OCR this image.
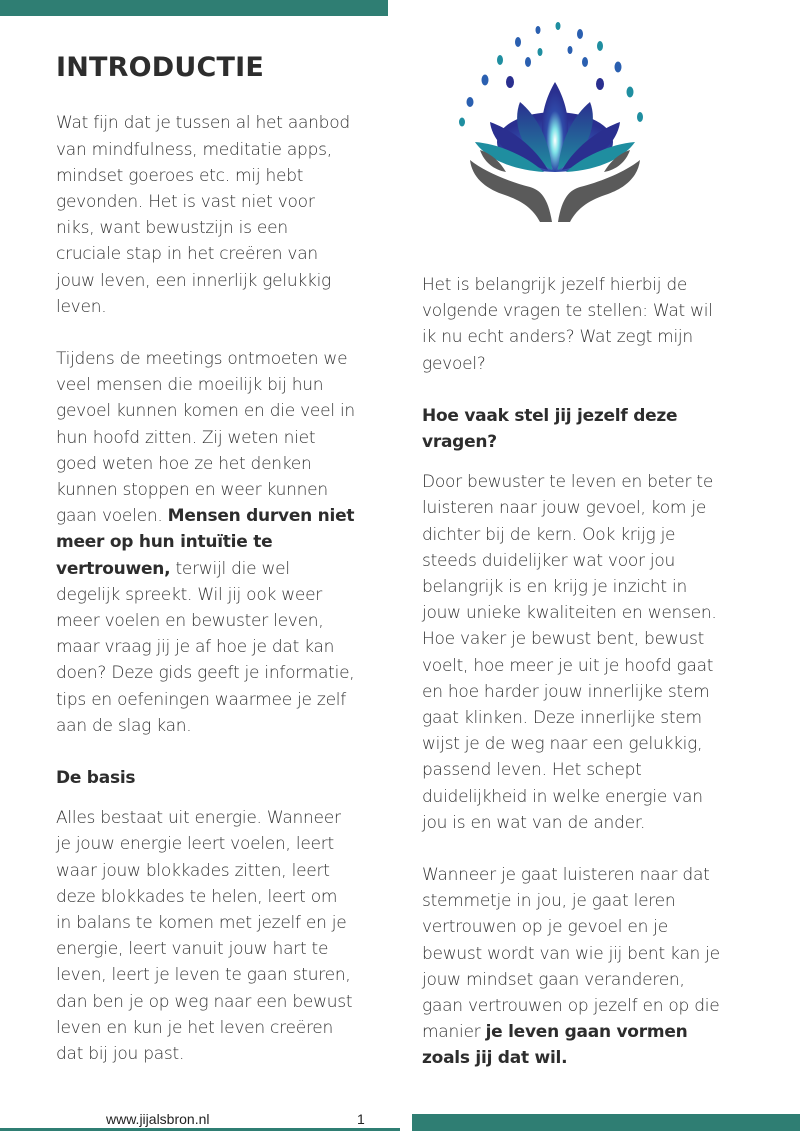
INTRODUCTIE

Wat fijn dat je tussen al het aanbod van mindfulness, meditatie apps, mindset goeroes etc. mij hebt gevonden. Het is vast niet voor niks, want bewustzijn is een cruciale stap in het creëren van jouw leven, een innerlijk gelukkig leven.

Tijdens de meetings ontmoeten we veel mensen die moeilijk bij hun gevoel kunnen komen en die veel in hun hoofd zitten. Zij weten niet goed weten hoe ze het denken kunnen stoppen en weer kunnen gaan voelen. Mensen durven niet meer op hun intuïtie te vertrouwen, terwijl die wel degelijk spreekt. Wil jij ook weer meer voelen en bewuster leven, maar vraag jij je af hoe je dat kan doen? Deze gids geeft je informatie, tips en oefeningen waarmee je zelf aan de slag kan.

De basis

Alles bestaat uit energie. Wanneer je jouw energie leert voelen, leert waar jouw blokkades zitten, leert deze blokkades te helen, leert om in balans te komen met jezelf en je energie, leert vanuit jouw hart te leven, leert je leven te gaan sturen, dan ben je op weg naar een bewust leven en kun je het leven creëren dat bij jou past.

Het is belangrijk jezelf hierbij de volgende vragen te stellen: Wat wil ik nu echt anders? Wat zegt mijn gevoel?

Hoe vaak stel jij jezelf deze vragen?

Door bewuster te leven en beter te luisteren naar jouw gevoel, kom je dichter bij de kern. Ook krijg je steeds duidelijker wat voor jou belangrijk is en krijg je inzicht in jouw unieke kwaliteiten en wensen. Hoe vaker je bewust bent, bewust voelt, hoe meer je uit je hoofd gaat en hoe harder jouw innerlijke stem gaat klinken. Deze innerlijke stem wijst je de weg naar een gelukkig, passend leven. Het schept duidelijkheid in welke energie van jou is en wat van de ander.

Wanneer je gaat luisteren naar dat stemmetje in jou, je gaat leren vertrouwen op je gevoel en je bewust wordt van wie jij bent kan je jouw mindset gaan veranderen, gaan vertrouwen op jezelf en op die manier je leven gaan vormen zoals jij dat wil.

www.jijalsbron.nl	1
